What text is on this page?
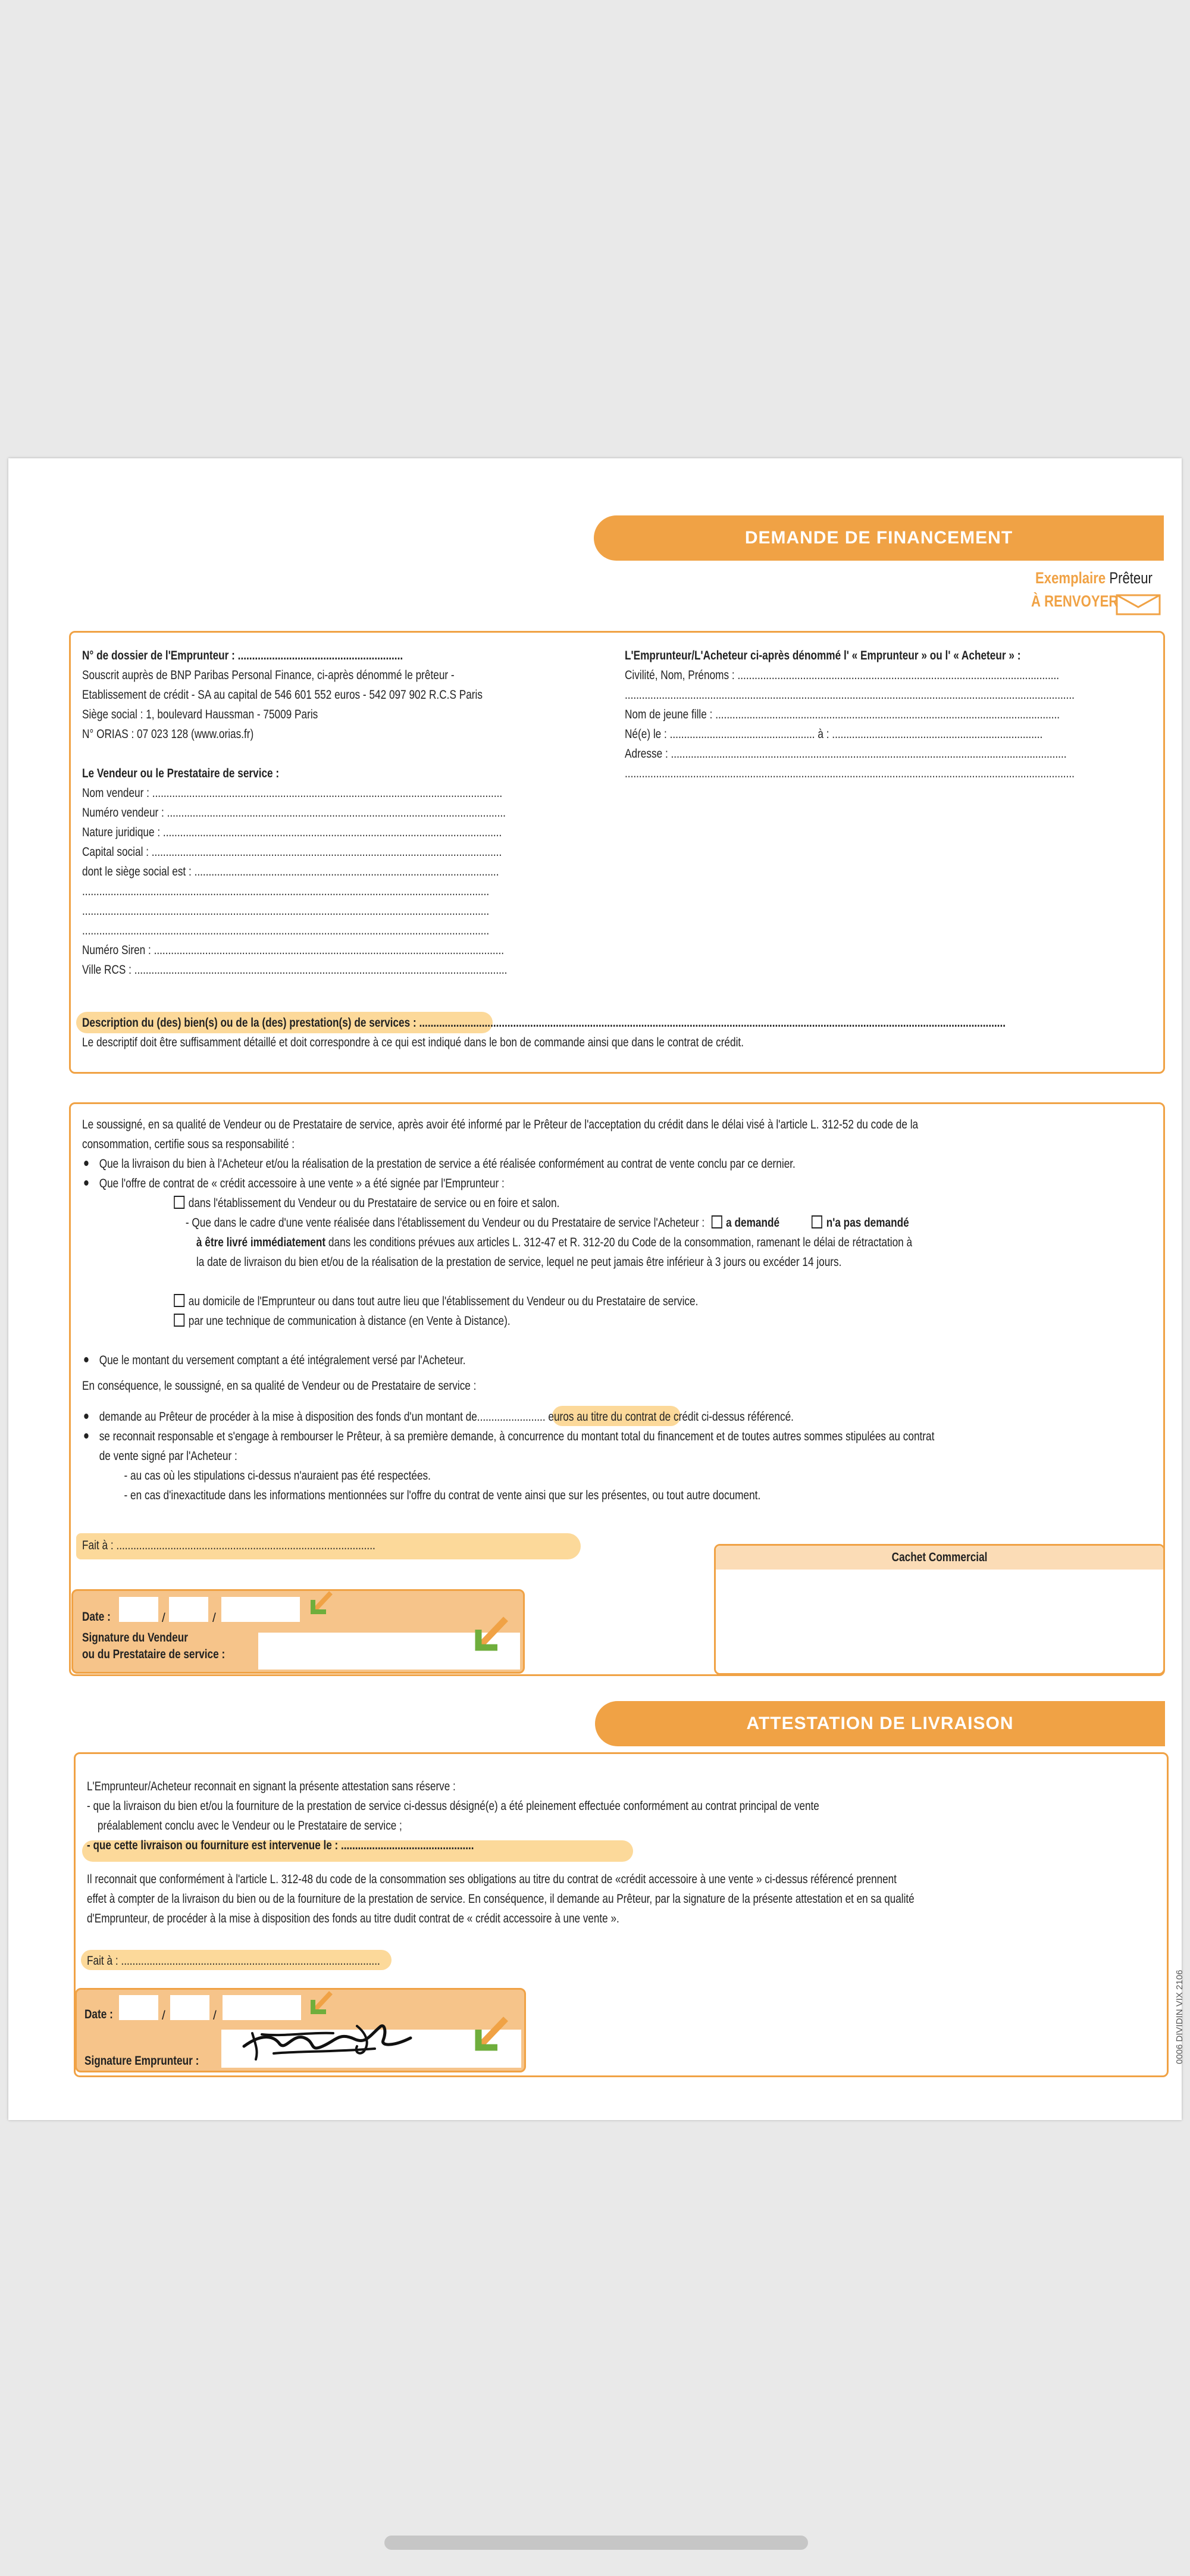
DEMANDE DE FINANCEMENT
Exemplaire Prêteur
À RENVOYER
N° de dossier de l'Emprunteur : ..........................................................
Souscrit auprès de BNP Paribas Personal Finance, ci-après dénommé le prêteur -
Etablissement de crédit - SA au capital de 546 601 552 euros - 542 097 902 R.C.S Paris
Siège social : 1, boulevard Haussman - 75009 Paris
N° ORIAS : 07 023 128 (www.orias.fr)
Le Vendeur ou le Prestataire de service :
Nom vendeur : ...........................................................................................................................
Numéro vendeur : .......................................................................................................................
Nature juridique : .......................................................................................................................
Capital social : ...........................................................................................................................
dont le siège social est : ...........................................................................................................
...............................................................................................................................................
...............................................................................................................................................
...............................................................................................................................................
Numéro Siren : ...........................................................................................................................
Ville RCS : ...................................................................................................................................
L'Emprunteur/L'Acheteur ci-après dénommé l' « Emprunteur » ou l' « Acheteur » :
Civilité, Nom, Prénoms : .................................................................................................................
..............................................................................................................................................................
Nom de jeune fille : .........................................................................................................................
Né(e) le : ................................................... à : ..........................................................................
Adresse : ...........................................................................................................................................
..............................................................................................................................................................
Description du (des) bien(s) ou de la (des) prestation(s) de services : ..............................................................................................................................................................................................................
Le descriptif doit être suffisamment détaillé et doit correspondre à ce qui est indiqué dans le bon de commande ainsi que dans le contrat de crédit.
Le soussigné, en sa qualité de Vendeur ou de Prestataire de service, après avoir été informé par le Prêteur de l'acceptation du crédit dans le délai visé à l'article L. 312-52 du code de la
consommation, certifie sous sa responsabilité :
Que la livraison du bien à l'Acheteur et/ou la réalisation de la prestation de service a été réalisée conformément au contrat de vente conclu par ce dernier.
Que l'offre de contrat de « crédit accessoire à une vente » a été signée par l'Emprunteur :
dans l'établissement du Vendeur ou du Prestataire de service ou en foire et salon.
- Que dans le cadre d'une vente réalisée dans l'établissement du Vendeur ou du Prestataire de service l'Acheteur : a demandé	n'a pas demandé
à être livré immédiatement dans les conditions prévues aux articles L. 312-47 et R. 312-20 du Code de la consommation, ramenant le délai de rétractation à
la date de livraison du bien et/ou de la réalisation de la prestation de service, lequel ne peut jamais être inférieur à 3 jours ou excéder 14 jours.
au domicile de l'Emprunteur ou dans tout autre lieu que l'établissement du Vendeur ou du Prestataire de service.
par une technique de communication à distance (en Vente à Distance).
Que le montant du versement comptant a été intégralement versé par l'Acheteur.
En conséquence, le soussigné, en sa qualité de Vendeur ou de Prestataire de service :
demande au Prêteur de procéder à la mise à disposition des fonds d'un montant de........................ euros au titre du contrat de crédit ci-dessus référencé.
se reconnait responsable et s'engage à rembourser le Prêteur, à sa première demande, à concurrence du montant total du financement et de toutes autres sommes stipulées au contrat
de vente signé par l'Acheteur :
- au cas où les stipulations ci-dessus n'auraient pas été respectées.
- en cas d'inexactitude dans les informations mentionnées sur l'offre du contrat de vente ainsi que sur les présentes, ou tout autre document.
Fait à : ...........................................................................................
Date :	/	/
Signature du Vendeur
ou du Prestataire de service :
Cachet Commercial
ATTESTATION DE LIVRAISON
L'Emprunteur/Acheteur reconnait en signant la présente attestation sans réserve :
- que la livraison du bien et/ou la fourniture de la prestation de service ci-dessus désigné(e) a été pleinement effectuée conformément au contrat principal de vente
préalablement conclu avec le Vendeur ou le Prestataire de service ;
- que cette livraison ou fourniture est intervenue le : ...............................................
Il reconnait que conformément à l'article L. 312-48 du code de la consommation ses obligations au titre du contrat de «crédit accessoire à une vente » ci-dessus référencé prennent
effet à compter de la livraison du bien ou de la fourniture de la prestation de service. En conséquence, il demande au Prêteur, par la signature de la présente attestation et en sa qualité
d'Emprunteur, de procéder à la mise à disposition des fonds au titre dudit contrat de « crédit accessoire à une vente ».
Fait à : ...........................................................................................
Date :	/	/
Signature Emprunteur :	0006 DIVIDIN VIX 2106
